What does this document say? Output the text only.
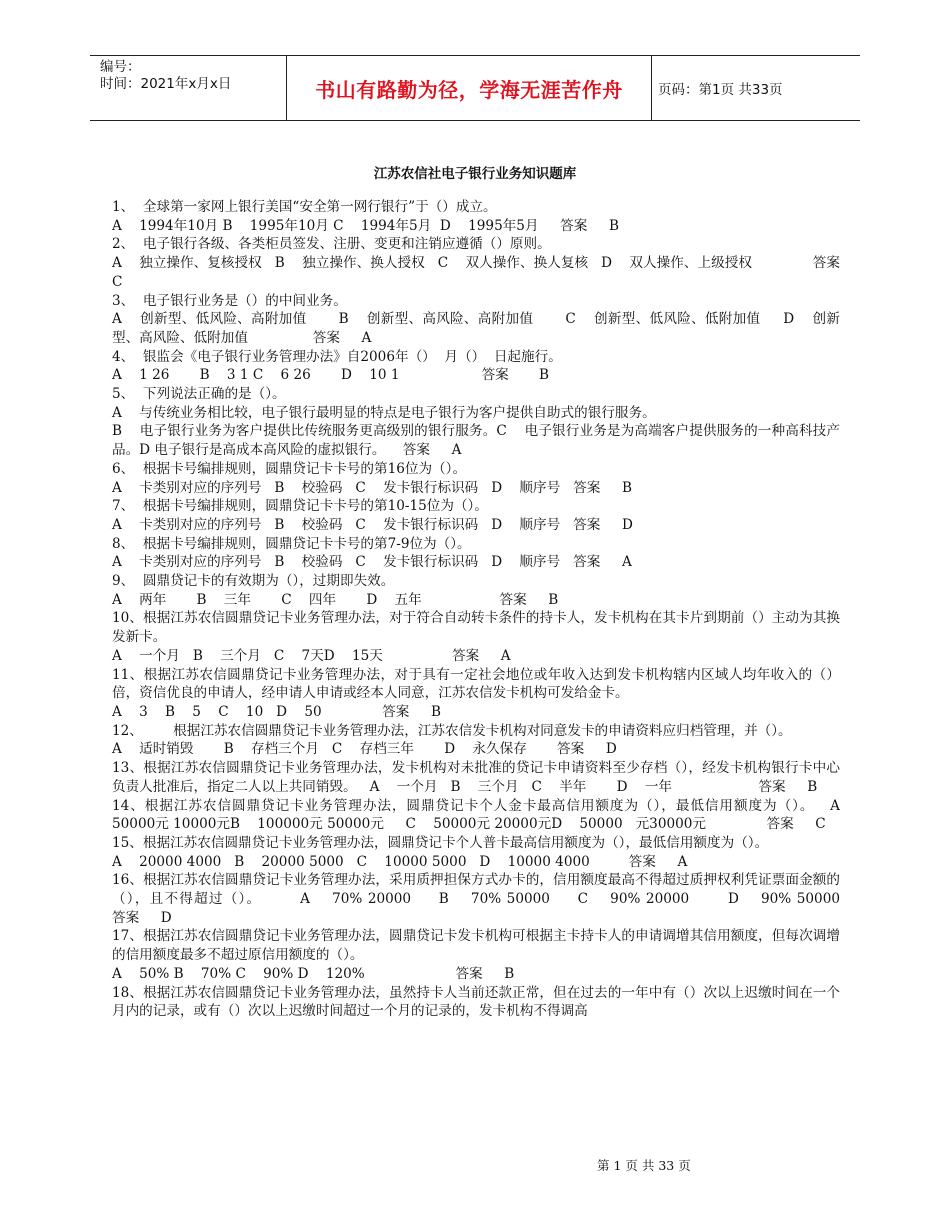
编号：
时间：2021年x月x日	书山有路勤为径，学海无涯苦作舟	页码：第1页 共33页
江苏农信社电子银行业务知识题库

1、  全球第一家网上银行美国“安全第一网行银行”于（）成立。

A    1994年10月 B    1995年10月 C    1994年5月  D    1995年5月     答案     B

2、  电子银行各级、各类柜员签发、注册、变更和注销应遵循（）原则。

A    独立操作、复核授权   B    独立操作、换人授权   C    双人操作、换人复核   D    双人操作、上级授权              答案     C

3、  电子银行业务是（）的中间业务。

A    创新型、低风险、高附加值       B    创新型、高风险、高附加值       C    创新型、低风险、低附加值     D    创新型、高风险、低附加值               答案     A

4、  银监会《电子银行业务管理办法》自2006年（）  月（）  日起施行。

A    1 26       B    3 1 C    6 26       D    10 1                   答案       B

5、  下列说法正确的是（）。

A    与传统业务相比较，电子银行最明显的特点是电子银行为客户提供自助式的银行服务。

B    电子银行业务为客户提供比传统服务更高级别的银行服务。C    电子银行业务是为高端客户提供服务的一种高科技产品。D 电子银行是高成本高风险的虚拟银行。    答案     A

6、  根据卡号编排规则，圆鼎贷记卡卡号的第16位为（）。

A    卡类别对应的序列号   B    校验码   C    发卡银行标识码   D    顺序号   答案     B

7、  根据卡号编排规则，圆鼎贷记卡卡号的第10-15位为（）。

A    卡类别对应的序列号   B    校验码   C    发卡银行标识码   D    顺序号   答案     D

8、  根据卡号编排规则，圆鼎贷记卡卡号的第7-9位为（）。

A    卡类别对应的序列号   B    校验码   C    发卡银行标识码   D    顺序号   答案     A

9、  圆鼎贷记卡的有效期为（），过期即失效。

A    两年       B    三年       C    四年       D    五年                  答案     B

10、根据江苏农信圆鼎贷记卡业务管理办法，对于符合自动转卡条件的持卡人，发卡机构在其卡片到期前（）主动为其换发新卡。

A    一个月   B    三个月   C    7天D    15天                答案     A

11、根据江苏农信圆鼎贷记卡业务管理办法，对于具有一定社会地位或年收入达到发卡机构辖内区域人均年收入的（）倍，资信优良的申请人，经申请人申请或经本人同意，江苏农信发卡机构可发给金卡。

A    3    B    5    C    10   D    50              答案     B

12、       根据江苏农信圆鼎贷记卡业务管理办法，江苏农信发卡机构对同意发卡的申请资料应归档管理，并（）。

A    适时销毁       B    存档三个月   C    存档三年       D    永久保存       答案     D

13、根据江苏农信圆鼎贷记卡业务管理办法，发卡机构对未批准的贷记卡申请资料至少存档（），经发卡机构银行卡中心负责人批准后，指定二人以上共同销毁。   A    一个月   B    三个月   C    半年       D    一年                    答案     B

14、根据江苏农信圆鼎贷记卡业务管理办法，圆鼎贷记卡个人金卡最高信用额度为（），最低信用额度为（）。   A    50000元 10000元B    100000元 50000元     C    50000元 20000元D    50000   元30000元              答案     C

15、根据江苏农信圆鼎贷记卡业务管理办法，圆鼎贷记卡个人普卡最高信用额度为（），最低信用额度为（）。

A    20000 4000   B    20000 5000   C    10000 5000   D    10000 4000         答案     A

16、根据江苏农信圆鼎贷记卡业务管理办法，采用质押担保方式办卡的，信用额度最高不得超过质押权利凭证票面金额的（），且不得超过（）。       A    70% 20000     B    70% 50000     C    90% 20000       D    90% 50000                答案     D

17、根据江苏农信圆鼎贷记卡业务管理办法，圆鼎贷记卡发卡机构可根据主卡持卡人的申请调增其信用额度，但每次调增的信用额度最多不超过原信用额度的（）。

A    50% B    70% C    90% D    120%                     答案     B

18、根据江苏农信圆鼎贷记卡业务管理办法，虽然持卡人当前还款正常，但在过去的一年中有（）次以上迟缴时间在一个月内的记录，或有（）次以上迟缴时间超过一个月的记录的，发卡机构不得调高

第 1 页 共 33 页
